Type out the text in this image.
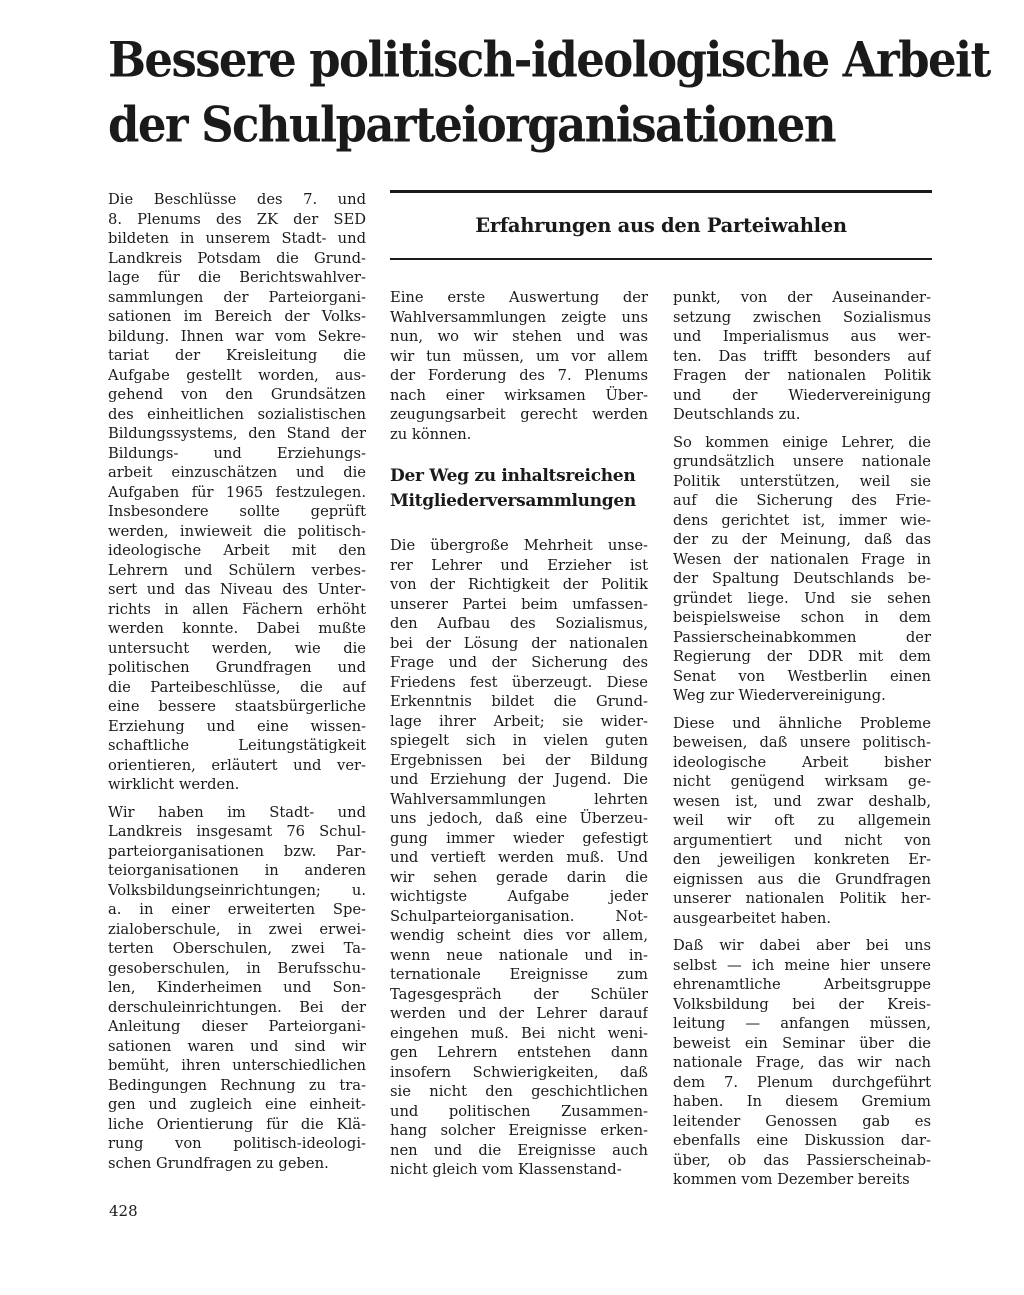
Bessere politisch-ideologische Arbeit
der Schulparteiorganisationen
Die Beschlüsse des 7. und
8. Plenums des ZK der SED
bildeten in unserem Stadt- und
Landkreis Potsdam die Grund-
lage für die Berichtswahlver-
sammlungen der Parteiorgani-
sationen im Bereich der Volks-
bildung. Ihnen war vom Sekre-
tariat der Kreisleitung die
Aufgabe gestellt worden, aus-
gehend von den Grundsätzen
des einheitlichen sozialistischen
Bildungssystems, den Stand der
Bildungs- und Erziehungs-
arbeit einzuschätzen und die
Aufgaben für 1965 festzulegen.
Insbesondere sollte geprüft
werden, inwieweit die politisch-
ideologische Arbeit mit den
Lehrern und Schülern verbes-
sert und das Niveau des Unter-
richts in allen Fächern erhöht
werden konnte. Dabei mußte
untersucht werden, wie die
politischen Grundfragen und
die Parteibeschlüsse, die auf
eine bessere staatsbürgerliche
Erziehung und eine wissen-
schaftliche Leitungstätigkeit
orientieren, erläutert und ver-
wirklicht werden.
Wir haben im Stadt- und
Landkreis insgesamt 76 Schul-
parteiorganisationen bzw. Par-
teiorganisationen in anderen
Volksbildungseinrichtungen; u.
a. in einer erweiterten Spe-
zialoberschule, in zwei erwei-
terten Oberschulen, zwei Ta-
gesoberschulen, in Berufsschu-
len, Kinderheimen und Son-
derschuleinrichtungen. Bei der
Anleitung dieser Parteiorgani-
sationen waren und sind wir
bemüht, ihren unterschiedlichen
Bedingungen Rechnung zu tra-
gen und zugleich eine einheit-
liche Orientierung für die Klä-
rung von politisch-ideologi-
schen Grundfragen zu geben.
Erfahrungen aus den Parteiwahlen
Eine erste Auswertung der
Wahlversammlungen zeigte uns
nun, wo wir stehen und was
wir tun müssen, um vor allem
der Forderung des 7. Plenums
nach einer wirksamen Über-
zeugungsarbeit gerecht werden
zu können.
Der Weg zu inhaltsreichen
Mitgliederversammlungen
Die übergroße Mehrheit unse-
rer Lehrer und Erzieher ist
von der Richtigkeit der Politik
unserer Partei beim umfassen-
den Aufbau des Sozialismus,
bei der Lösung der nationalen
Frage und der Sicherung des
Friedens fest überzeugt. Diese
Erkenntnis bildet die Grund-
lage ihrer Arbeit; sie wider-
spiegelt sich in vielen guten
Ergebnissen bei der Bildung
und Erziehung der Jugend. Die
Wahlversammlungen lehrten
uns jedoch, daß eine Überzeu-
gung immer wieder gefestigt
und vertieft werden muß. Und
wir sehen gerade darin die
wichtigste Aufgabe jeder
Schulparteiorganisation. Not-
wendig scheint dies vor allem,
wenn neue nationale und in-
ternationale Ereignisse zum
Tagesgespräch der Schüler
werden und der Lehrer darauf
eingehen muß. Bei nicht weni-
gen Lehrern entstehen dann
insofern Schwierigkeiten, daß
sie nicht den geschichtlichen
und politischen Zusammen-
hang solcher Ereignisse erken-
nen und die Ereignisse auch
nicht gleich vom Klassenstand-
punkt, von der Auseinander-
setzung zwischen Sozialismus
und Imperialismus aus wer-
ten. Das trifft besonders auf
Fragen der nationalen Politik
und der Wiedervereinigung
Deutschlands zu.
So kommen einige Lehrer, die
grundsätzlich unsere nationale
Politik unterstützen, weil sie
auf die Sicherung des Frie-
dens gerichtet ist, immer wie-
der zu der Meinung, daß das
Wesen der nationalen Frage in
der Spaltung Deutschlands be-
gründet liege. Und sie sehen
beispielsweise schon in dem
Passierscheinabkommen der
Regierung der DDR mit dem
Senat von Westberlin einen
Weg zur Wiedervereinigung.
Diese und ähnliche Probleme
beweisen, daß unsere politisch-
ideologische Arbeit bisher
nicht genügend wirksam ge-
wesen ist, und zwar deshalb,
weil wir oft zu allgemein
argumentiert und nicht von
den jeweiligen konkreten Er-
eignissen aus die Grundfragen
unserer nationalen Politik her-
ausgearbeitet haben.
Daß wir dabei aber bei uns
selbst — ich meine hier unsere
ehrenamtliche Arbeitsgruppe
Volksbildung bei der Kreis-
leitung — anfangen müssen,
beweist ein Seminar über die
nationale Frage, das wir nach
dem 7. Plenum durchgeführt
haben. In diesem Gremium
leitender Genossen gab es
ebenfalls eine Diskussion dar-
über, ob das Passierscheinab-
kommen vom Dezember bereits
428
